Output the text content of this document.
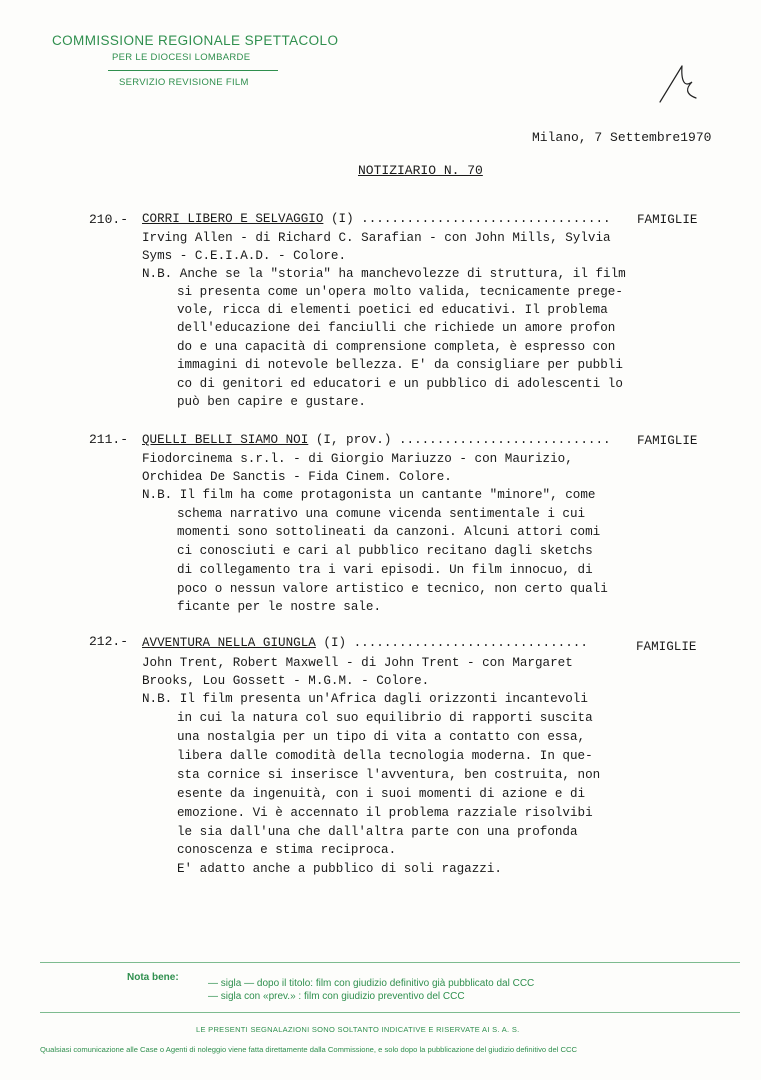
COMMISSIONE REGIONALE SPETTACOLO
PER LE DIOCESI LOMBARDE
SERVIZIO REVISIONE FILM
Milano, 7 Settembre1970
NOTIZIARIO N. 70
210.- CORRI LIBERO E SELVAGGIO (I) ................................. FAMIGLIE
Irving Allen - di Richard C. Sarafian - con John Mills, Sylvia
Syms - C.E.I.A.D. - Colore.
N.B. Anche se la "storia" ha manchevolezze di struttura, il film
si presenta come un'opera molto valida, tecnicamente prege-
vole, ricca di elementi poetici ed educativi. Il problema
dell'educazione dei fanciulli che richiede un amore profon
do e una capacità di comprensione completa, è espresso con
immagini di notevole bellezza. E' da consigliare per pubbli
co di genitori ed educatori e un pubblico di adolescenti lo
può ben capire e gustare.
211.- QUELLI BELLI SIAMO NOI (I, prov.) ............................ FAMIGLIE
Fiodorcinema s.r.l. - di Giorgio Mariuzzo - con Maurizio,
Orchidea De Sanctis - Fida Cinem. Colore.
N.B. Il film ha come protagonista un cantante "minore", come
schema narrativo una comune vicenda sentimentale i cui
momenti sono sottolineati da canzoni. Alcuni attori comi
ci conosciuti e cari al pubblico recitano dagli sketchs
di collegamento tra i vari episodi. Un film innocuo, di
poco o nessun valore artistico e tecnico, non certo quali
ficante per le nostre sale.
212.- AVVENTURA NELLA GIUNGLA (I) ...............................	FAMIGLIE
John Trent, Robert Maxwell - di John Trent - con Margaret
Brooks, Lou Gossett - M.G.M. - Colore.
N.B. Il film presenta un'Africa dagli orizzonti incantevoli
in cui la natura col suo equilibrio di rapporti suscita
una nostalgia per un tipo di vita a contatto con essa,
libera dalle comodità della tecnologia moderna. In que-
sta cornice si inserisce l'avventura, ben costruita, non
esente da ingenuità, con i suoi momenti di azione e di
emozione. Vi è accennato il problema razziale risolvibi
le sia dall'una che dall'altra parte con una profonda
conoscenza e stima reciproca.
E' adatto anche a pubblico di soli ragazzi.
Nota bene:
— sigla — dopo il titolo: film con giudizio definitivo già pubblicato dal CCC
— sigla con «prev.» : film con giudizio preventivo del CCC
LE PRESENTI SEGNALAZIONI SONO SOLTANTO INDICATIVE E RISERVATE AI S. A. S.
Qualsiasi comunicazione alle Case o Agenti di noleggio viene fatta direttamente dalla Commissione, e solo dopo la pubblicazione del giudizio definitivo del CCC
